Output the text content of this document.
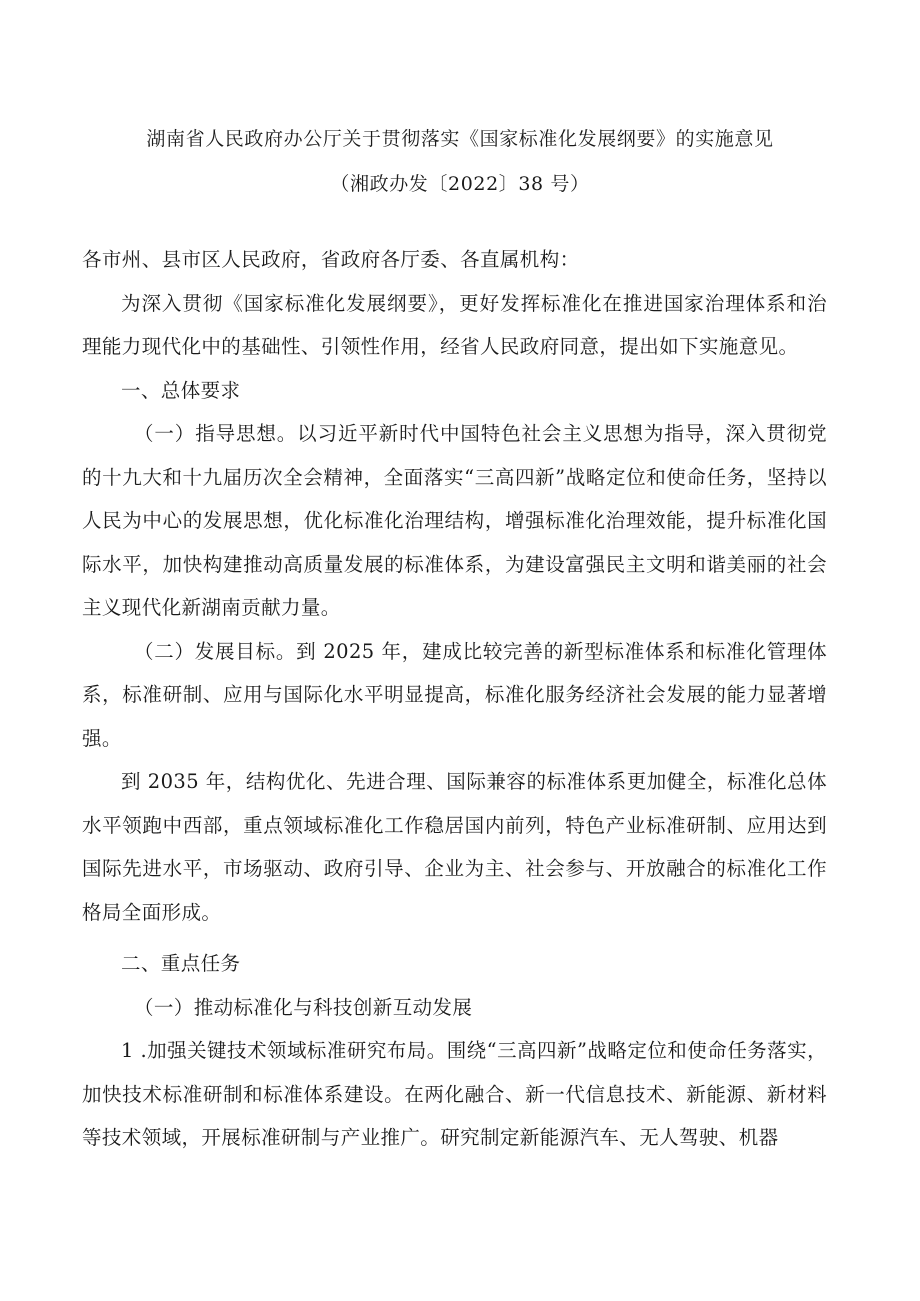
湖南省人民政府办公厅关于贯彻落实《国家标准化发展纲要》的实施意见
（湘政办发〔2022〕38 号）

各市州、县市区人民政府，省政府各厅委、各直属机构：

为深入贯彻《国家标准化发展纲要》，更好发挥标准化在推进国家治理体系和治理能力现代化中的基础性、引领性作用，经省人民政府同意，提出如下实施意见。

一、总体要求

（一）指导思想。以习近平新时代中国特色社会主义思想为指导，深入贯彻党的十九大和十九届历次全会精神，全面落实“三高四新”战略定位和使命任务，坚持以人民为中心的发展思想，优化标准化治理结构，增强标准化治理效能，提升标准化国际水平，加快构建推动高质量发展的标准体系，为建设富强民主文明和谐美丽的社会主义现代化新湖南贡献力量。

（二）发展目标。到 2025 年，建成比较完善的新型标准体系和标准化管理体系，标准研制、应用与国际化水平明显提高，标准化服务经济社会发展的能力显著增强。

到 2035 年，结构优化、先进合理、国际兼容的标准体系更加健全，标准化总体水平领跑中西部，重点领域标准化工作稳居国内前列，特色产业标准研制、应用达到国际先进水平，市场驱动、政府引导、企业为主、社会参与、开放融合的标准化工作格局全面形成。

二、重点任务

（一）推动标准化与科技创新互动发展

1 .加强关键技术领域标准研究布局。围绕“三高四新”战略定位和使命任务落实，加快技术标准研制和标准体系建设。在两化融合、新一代信息技术、新能源、新材料等技术领域，开展标准研制与产业推广。研究制定新能源汽车、无人驾驶、机器
